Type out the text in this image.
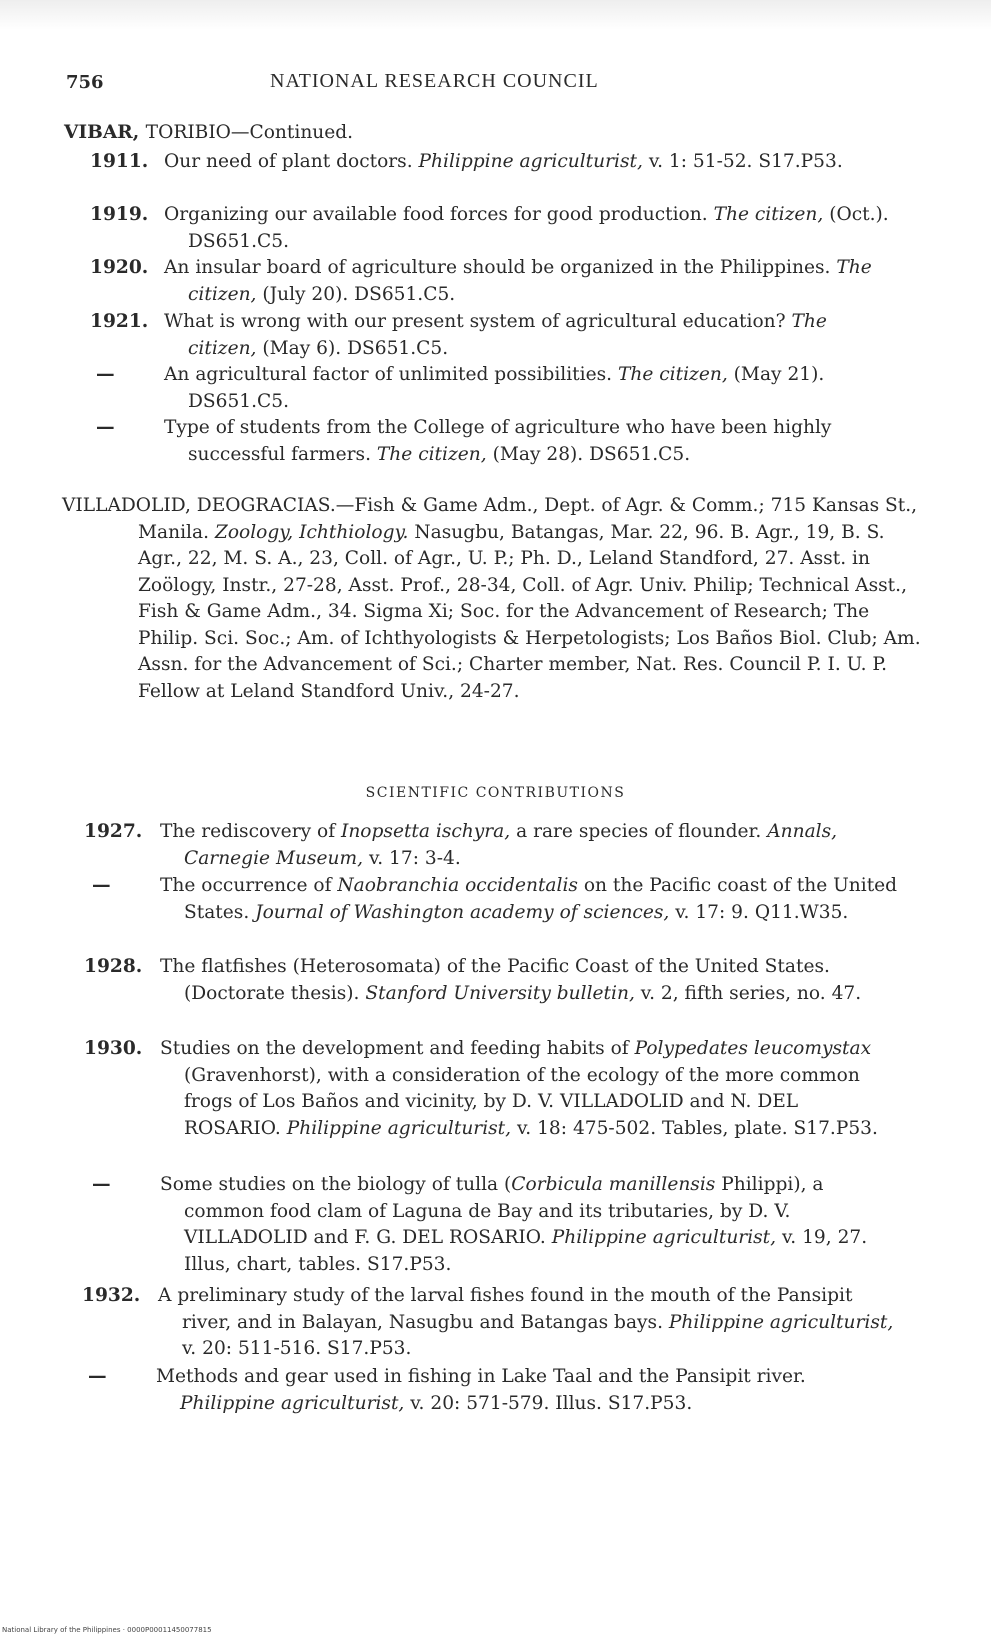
756	NATIONAL RESEARCH COUNCIL
VIBAR, TORIBIO—Continued.
1911. Our need of plant doctors. Philippine agriculturist, v. 1: 51-52. S17.P53.
1919. Organizing our available food forces for good production. The citizen, (Oct.). DS651.C5.
1920. An insular board of agriculture should be organized in the Philippines. The citizen, (July 20). DS651.C5.
1921. What is wrong with our present system of agricultural education? The citizen, (May 6). DS651.C5.
—	An agricultural factor of unlimited possibilities. The citizen, (May 21). DS651.C5.
—	Type of students from the College of agriculture who have been highly successful farmers. The citizen, (May 28). DS651.C5.
VILLADOLID, DEOGRACIAS.—Fish & Game Adm., Dept. of Agr. & Comm.; 715 Kansas St., Manila. Zoology, Ichthiology. Nasugbu, Batangas, Mar. 22, 96. B. Agr., 19, B. S. Agr., 22, M. S. A., 23, Coll. of Agr., U. P.; Ph. D., Leland Standford, 27. Asst. in Zoölogy, Instr., 27-28, Asst. Prof., 28-34, Coll. of Agr. Univ. Philip; Technical Asst., Fish & Game Adm., 34. Sigma Xi; Soc. for the Advancement of Research; The Philip. Sci. Soc.; Am. of Ichthyologists & Herpetologists; Los Baños Biol. Club; Am. Assn. for the Advancement of Sci.; Charter member, Nat. Res. Council P. I. U. P. Fellow at Leland Standford Univ., 24-27.
SCIENTIFIC CONTRIBUTIONS
1927. The rediscovery of Inopsetta ischyra, a rare species of flounder. Annals, Carnegie Museum, v. 17: 3-4.
—	The occurrence of Naobranchia occidentalis on the Pacific coast of the United States. Journal of Washington academy of sciences, v. 17: 9. Q11.W35.
1928. The flatfishes (Heterosomata) of the Pacific Coast of the United States. (Doctorate thesis). Stanford University bulletin, v. 2, fifth series, no. 47.
1930. Studies on the development and feeding habits of Polypedates leucomystax (Gravenhorst), with a consideration of the ecology of the more common frogs of Los Baños and vicinity, by D. V. VILLADOLID and N. DEL ROSARIO. Philippine agriculturist, v. 18: 475-502. Tables, plate. S17.P53.
—	Some studies on the biology of tulla (Corbicula manillensis Philippi), a common food clam of Laguna de Bay and its tributaries, by D. V. VILLADOLID and F. G. DEL ROSARIO. Philippine agriculturist, v. 19, 27. Illus, chart, tables. S17.P53.
1932. A preliminary study of the larval fishes found in the mouth of the Pansipit river, and in Balayan, Nasugbu and Batangas bays. Philippine agriculturist, v. 20: 511-516. S17.P53.
—	Methods and gear used in fishing in Lake Taal and the Pansipit river. Philippine agriculturist, v. 20: 571-579. Illus. S17.P53.
National Library of the Philippines · 0000P00011450077815
